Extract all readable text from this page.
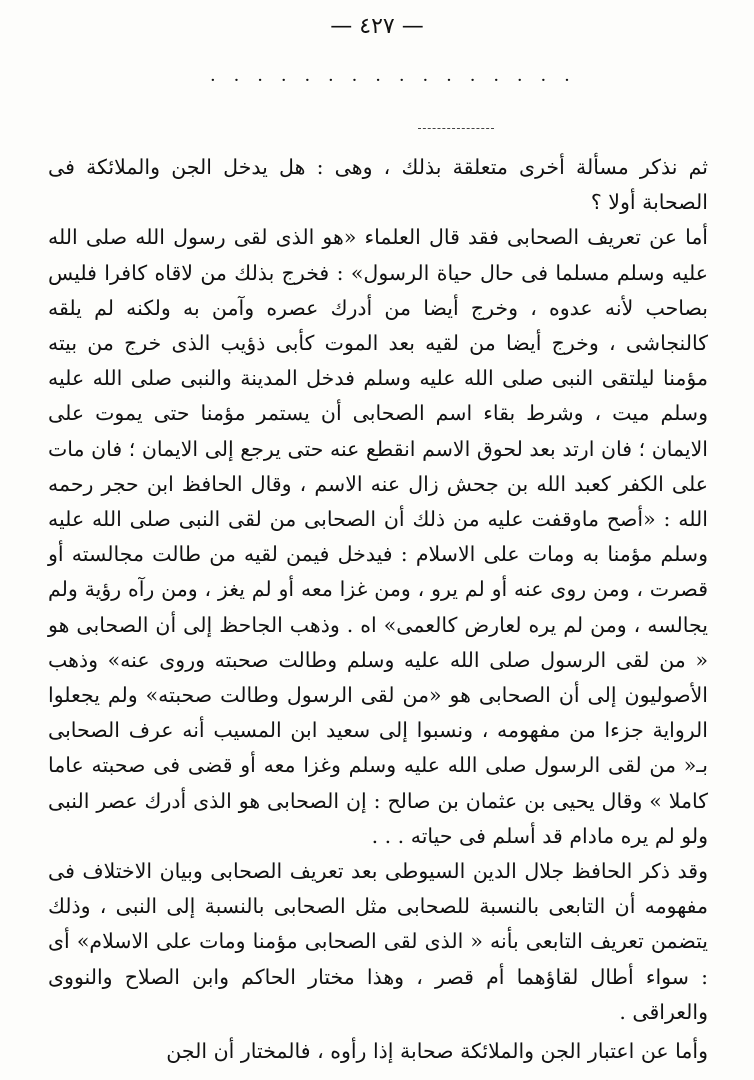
— ٤٢٧ —
· · · · · · · · · · · · · · · ·

ثم نذكر مسألة أخرى متعلقة بذلك ، وهى : هل يدخل الجن والملائكة فى الصحابة أولا ؟

أما عن تعريف الصحابى فقد قال العلماء «هو الذى لقى رسول الله صلى الله عليه وسلم مسلما فى حال حياة الرسول» : فخرج بذلك من لاقاه كافرا فليس بصاحب لأنه عدوه ، وخرج أيضا من أدرك عصره وآمن به ولكنه لم يلقه كالنجاشى ، وخرج أيضا من لقيه بعد الموت كأبى ذؤيب الذى خرج من بيته مؤمنا ليلتقى النبى صلى الله عليه وسلم فدخل المدينة والنبى صلى الله عليه وسلم ميت ، وشرط بقاء اسم الصحابى أن يستمر مؤمنا حتى يموت على الايمان ؛ فان ارتد بعد لحوق الاسم انقطع عنه حتى يرجع إلى الايمان ؛ فان مات على الكفر كعبد الله بن جحش زال عنه الاسم ، وقال الحافظ ابن حجر رحمه الله : «أصح ماوقفت عليه من ذلك أن الصحابى من لقى النبى صلى الله عليه وسلم مؤمنا به ومات على الاسلام : فيدخل فيمن لقيه من طالت مجالسته أو قصرت ، ومن روى عنه أو لم يرو ، ومن غزا معه أو لم يغز ، ومن رآه رؤية ولم يجالسه ، ومن لم يره لعارض كالعمى» اه . وذهب الجاحظ إلى أن الصحابى هو « من لقى الرسول صلى الله عليه وسلم وطالت صحبته وروى عنه» وذهب الأصوليون إلى أن الصحابى هو «من لقى الرسول وطالت صحبته» ولم يجعلوا الرواية جزءا من مفهومه ، ونسبوا إلى سعيد ابن المسيب أنه عرف الصحابى بـ« من لقى الرسول صلى الله عليه وسلم وغزا معه أو قضى فى صحبته عاما كاملا » وقال يحيى بن عثمان بن صالح : إن الصحابى هو الذى أدرك عصر النبى ولو لم يره مادام قد أسلم فى حياته . . .

وقد ذكر الحافظ جلال الدين السيوطى بعد تعريف الصحابى وبيان الاختلاف فى مفهومه أن التابعى بالنسبة للصحابى مثل الصحابى بالنسبة إلى النبى ، وذلك يتضمن تعريف التابعى بأنه « الذى لقى الصحابى مؤمنا ومات على الاسلام» أى : سواء أطال لقاؤهما أم قصر ، وهذا مختار الحاكم وابن الصلاح والنووى والعراقى .

وأما عن اعتبار الجن والملائكة صحابة إذا رأوه ، فالمختار أن الجن
